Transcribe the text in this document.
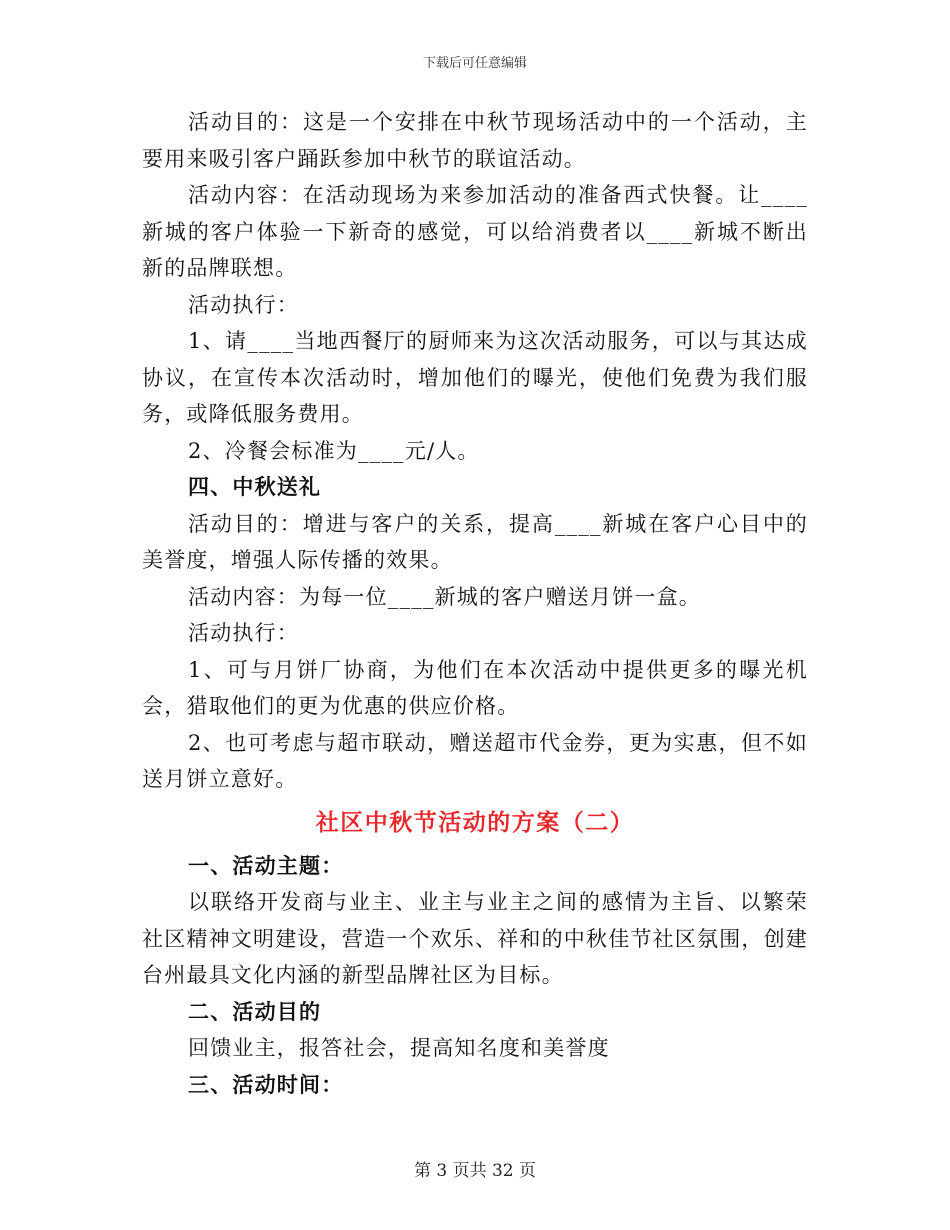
下载后可任意编辑

活动目的：这是一个安排在中秋节现场活动中的一个活动，主要用来吸引客户踊跃参加中秋节的联谊活动。

活动内容：在活动现场为来参加活动的准备西式快餐。让____新城的客户体验一下新奇的感觉，可以给消费者以____新城不断出新的品牌联想。

活动执行：

1、请____当地西餐厅的厨师来为这次活动服务，可以与其达成协议，在宣传本次活动时，增加他们的曝光，使他们免费为我们服务，或降低服务费用。

2、冷餐会标准为____元/人。

四、中秋送礼

活动目的：增进与客户的关系，提高____新城在客户心目中的美誉度，增强人际传播的效果。

活动内容：为每一位____新城的客户赠送月饼一盒。

活动执行：

1、可与月饼厂协商，为他们在本次活动中提供更多的曝光机会，猎取他们的更为优惠的供应价格。

2、也可考虑与超市联动，赠送超市代金券，更为实惠，但不如送月饼立意好。

社区中秋节活动的方案（二）

一、活动主题：

以联络开发商与业主、业主与业主之间的感情为主旨、以繁荣社区精神文明建设，营造一个欢乐、祥和的中秋佳节社区氛围，创建台州最具文化内涵的新型品牌社区为目标。

二、活动目的

回馈业主，报答社会，提高知名度和美誉度

三、活动时间：

第 3 页共 32 页
